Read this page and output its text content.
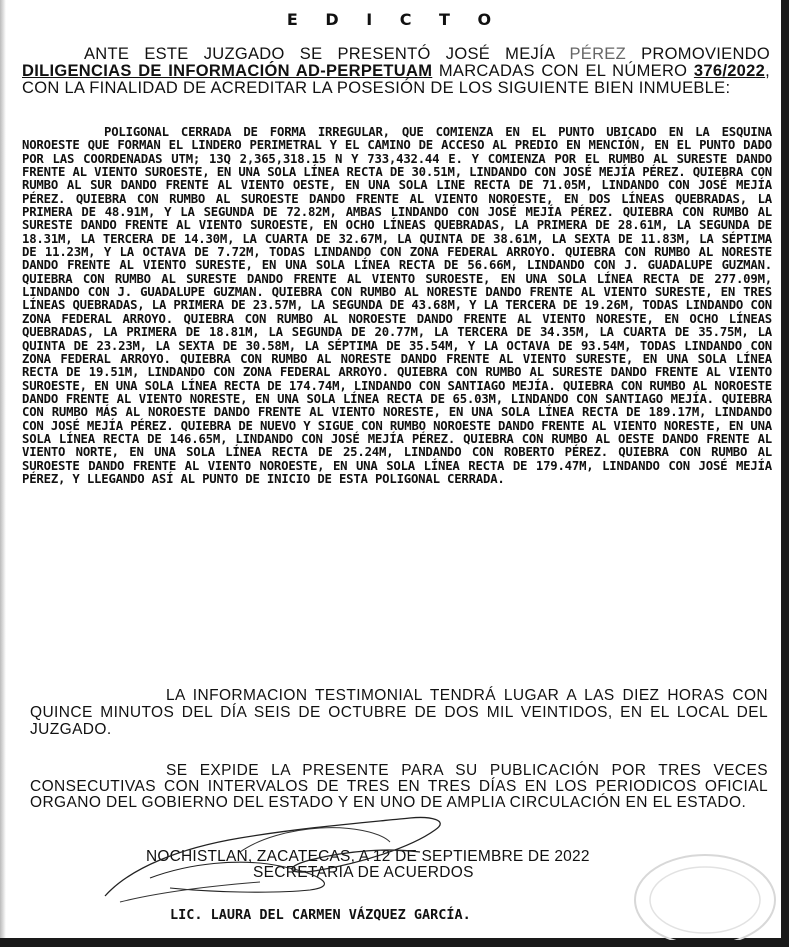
E D I C T O
ANTE ESTE JUZGADO SE PRESENTÓ JOSÉ MEJÍA PÉREZ PROMOVIENDO DILIGENCIAS DE INFORMACIÓN AD-PERPETUAM MARCADAS CON EL NÚMERO 376/2022, CON LA FINALIDAD DE ACREDITAR LA POSESIÓN DE LOS SIGUIENTE BIEN INMUEBLE:
POLIGONAL CERRADA DE FORMA IRREGULAR, QUE COMIENZA EN EL PUNTO UBICADO EN LA ESQUINA NOROESTE QUE FORMAN EL LINDERO PERIMETRAL Y EL CAMINO DE ACCESO AL PREDIO EN MENCIÓN, EN EL PUNTO DADO POR LAS COORDENADAS UTM; 13Q 2,365,318.15 N Y 733,432.44 E. Y COMIENZA POR EL RUMBO AL SURESTE DANDO FRENTE AL VIENTO SUROESTE, EN UNA SOLA LÍNEA RECTA DE 30.51M, LINDANDO CON JOSÉ MEJÍA PÉREZ. QUIEBRA CON RUMBO AL SUR DANDO FRENTE AL VIENTO OESTE, EN UNA SOLA LINE RECTA DE 71.05M, LINDANDO CON JOSÉ MEJÍA PÉREZ. QUIEBRA CON RUMBO AL SUROESTE DANDO FRENTE AL VIENTO NOROESTE, EN DOS LÍNEAS QUEBRADAS, LA PRIMERA DE 48.91M, Y LA SEGUNDA DE 72.82M, AMBAS LINDANDO CON JOSÉ MEJÍA PÉREZ. QUIEBRA CON RUMBO AL SURESTE DANDO FRENTE AL VIENTO SUROESTE, EN OCHO LÍNEAS QUEBRADAS, LA PRIMERA DE 28.61M, LA SEGUNDA DE 18.31M, LA TERCERA DE 14.30M, LA CUARTA DE 32.67M, LA QUINTA DE 38.61M, LA SEXTA DE 11.83M, LA SÉPTIMA DE 11.23M, Y LA OCTAVA DE 7.72M, TODAS LINDANDO CON ZONA FEDERAL ARROYO. QUIEBRA CON RUMBO AL NORESTE DANDO FRENTE AL VIENTO SURESTE, EN UNA SOLA LÍNEA RECTA DE 56.66M, LINDANDO CON J. GUADALUPE GUZMAN. QUIEBRA CON RUMBO AL SURESTE DANDO FRENTE AL VIENTO SUROESTE, EN UNA SOLA LÍNEA RECTA DE 277.09M, LINDANDO CON J. GUADALUPE GUZMAN. QUIEBRA CON RUMBO AL NORESTE DANDO FRENTE AL VIENTO SURESTE, EN TRES LÍNEAS QUEBRADAS, LA PRIMERA DE 23.57M, LA SEGUNDA DE 43.68M, Y LA TERCERA DE 19.26M, TODAS LINDANDO CON ZONA FEDERAL ARROYO. QUIEBRA CON RUMBO AL NOROESTE DANDO FRENTE AL VIENTO NORESTE, EN OCHO LÍNEAS QUEBRADAS, LA PRIMERA DE 18.81M, LA SEGUNDA DE 20.77M, LA TERCERA DE 34.35M, LA CUARTA DE 35.75M, LA QUINTA DE 23.23M, LA SEXTA DE 30.58M, LA SÉPTIMA DE 35.54M, Y LA OCTAVA DE 93.54M, TODAS LINDANDO CON ZONA FEDERAL ARROYO. QUIEBRA CON RUMBO AL NORESTE DANDO FRENTE AL VIENTO SURESTE, EN UNA SOLA LÍNEA RECTA DE 19.51M, LINDANDO CON ZONA FEDERAL ARROYO. QUIEBRA CON RUMBO AL SURESTE DANDO FRENTE AL VIENTO SUROESTE, EN UNA SOLA LÍNEA RECTA DE 174.74M, LINDANDO CON SANTIAGO MEJÍA. QUIEBRA CON RUMBO AL NOROESTE DANDO FRENTE AL VIENTO NORESTE, EN UNA SOLA LÍNEA RECTA DE 65.03M, LINDANDO CON SANTIAGO MEJÍA. QUIEBRA CON RUMBO MÁS AL NOROESTE DANDO FRENTE AL VIENTO NORESTE, EN UNA SOLA LÍNEA RECTA DE 189.17M, LINDANDO CON JOSÉ MEJÍA PÉREZ. QUIEBRA DE NUEVO Y SIGUE CON RUMBO NOROESTE DANDO FRENTE AL VIENTO NORESTE, EN UNA SOLA LÍNEA RECTA DE 146.65M, LINDANDO CON JOSÉ MEJÍA PÉREZ. QUIEBRA CON RUMBO AL OESTE DANDO FRENTE AL VIENTO NORTE, EN UNA SOLA LÍNEA RECTA DE 25.24M, LINDANDO CON ROBERTO PÉREZ. QUIEBRA CON RUMBO AL SUROESTE DANDO FRENTE AL VIENTO NOROESTE, EN UNA SOLA LÍNEA RECTA DE 179.47M, LINDANDO CON JOSÉ MEJÍA PÉREZ, Y LLEGANDO ASÍ AL PUNTO DE INICIO DE ESTA POLIGONAL CERRADA.
LA INFORMACION TESTIMONIAL TENDRÁ LUGAR A LAS DIEZ HORAS CON QUINCE MINUTOS DEL DÍA SEIS DE OCTUBRE DE DOS MIL VEINTIDOS, EN EL LOCAL DEL JUZGADO.
SE EXPIDE LA PRESENTE PARA SU PUBLICACIÓN POR TRES VECES CONSECUTIVAS CON INTERVALOS DE TRES EN TRES DÍAS EN LOS PERIODICOS OFICIAL ORGANO DEL GOBIERNO DEL ESTADO Y EN UNO DE AMPLIA CIRCULACIÓN EN EL ESTADO.
NOCHISTLAN, ZACATECAS, A 12 DE SEPTIEMBRE DE 2022
SECRETARIA DE ACUERDOS
LIC. LAURA DEL CARMEN VÁZQUEZ GARCÍA.
